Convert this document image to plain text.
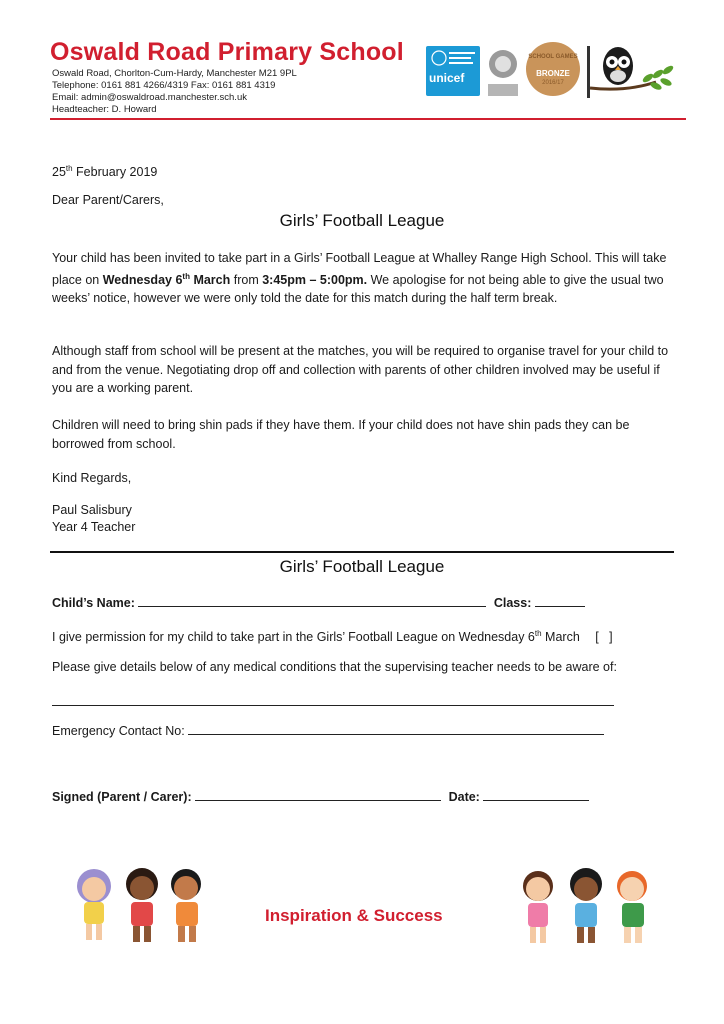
Oswald Road Primary School
Oswald Road, Chorlton-Cum-Hardy, Manchester M21 9PL
Telephone: 0161 881 4266/4319 Fax: 0161 881 4319
Email: admin@oswaldroad.manchester.sch.uk
Headteacher: D. Howard
unicef
SCHOOL GAMES
BRONZE
2016/17
25th February 2019
Dear Parent/Carers,
Girls’ Football League
Your child has been invited to take part in a Girls’ Football League at Whalley Range High School. This will take place on Wednesday 6th March from 3:45pm – 5:00pm. We apologise for not being able to give the usual two weeks’ notice, however we were only told the date for this match during the half term break.
Although staff from school will be present at the matches, you will be required to organise travel for your child to and from the venue. Negotiating drop off and collection with parents of other children involved may be useful if you are a working parent.
Children will need to bring shin pads if they have them. If your child does not have shin pads they can be borrowed from school.
Kind Regards,
Paul Salisbury
Year 4 Teacher
Girls’ Football League
Child’s Name:	Class:
I give permission for my child to take part in the Girls’ Football League on Wednesday 6th March [   ]
Please give details below of any medical conditions that the supervising teacher needs to be aware of:
Emergency Contact No:
Signed (Parent / Carer):	Date:
Inspiration & Success
